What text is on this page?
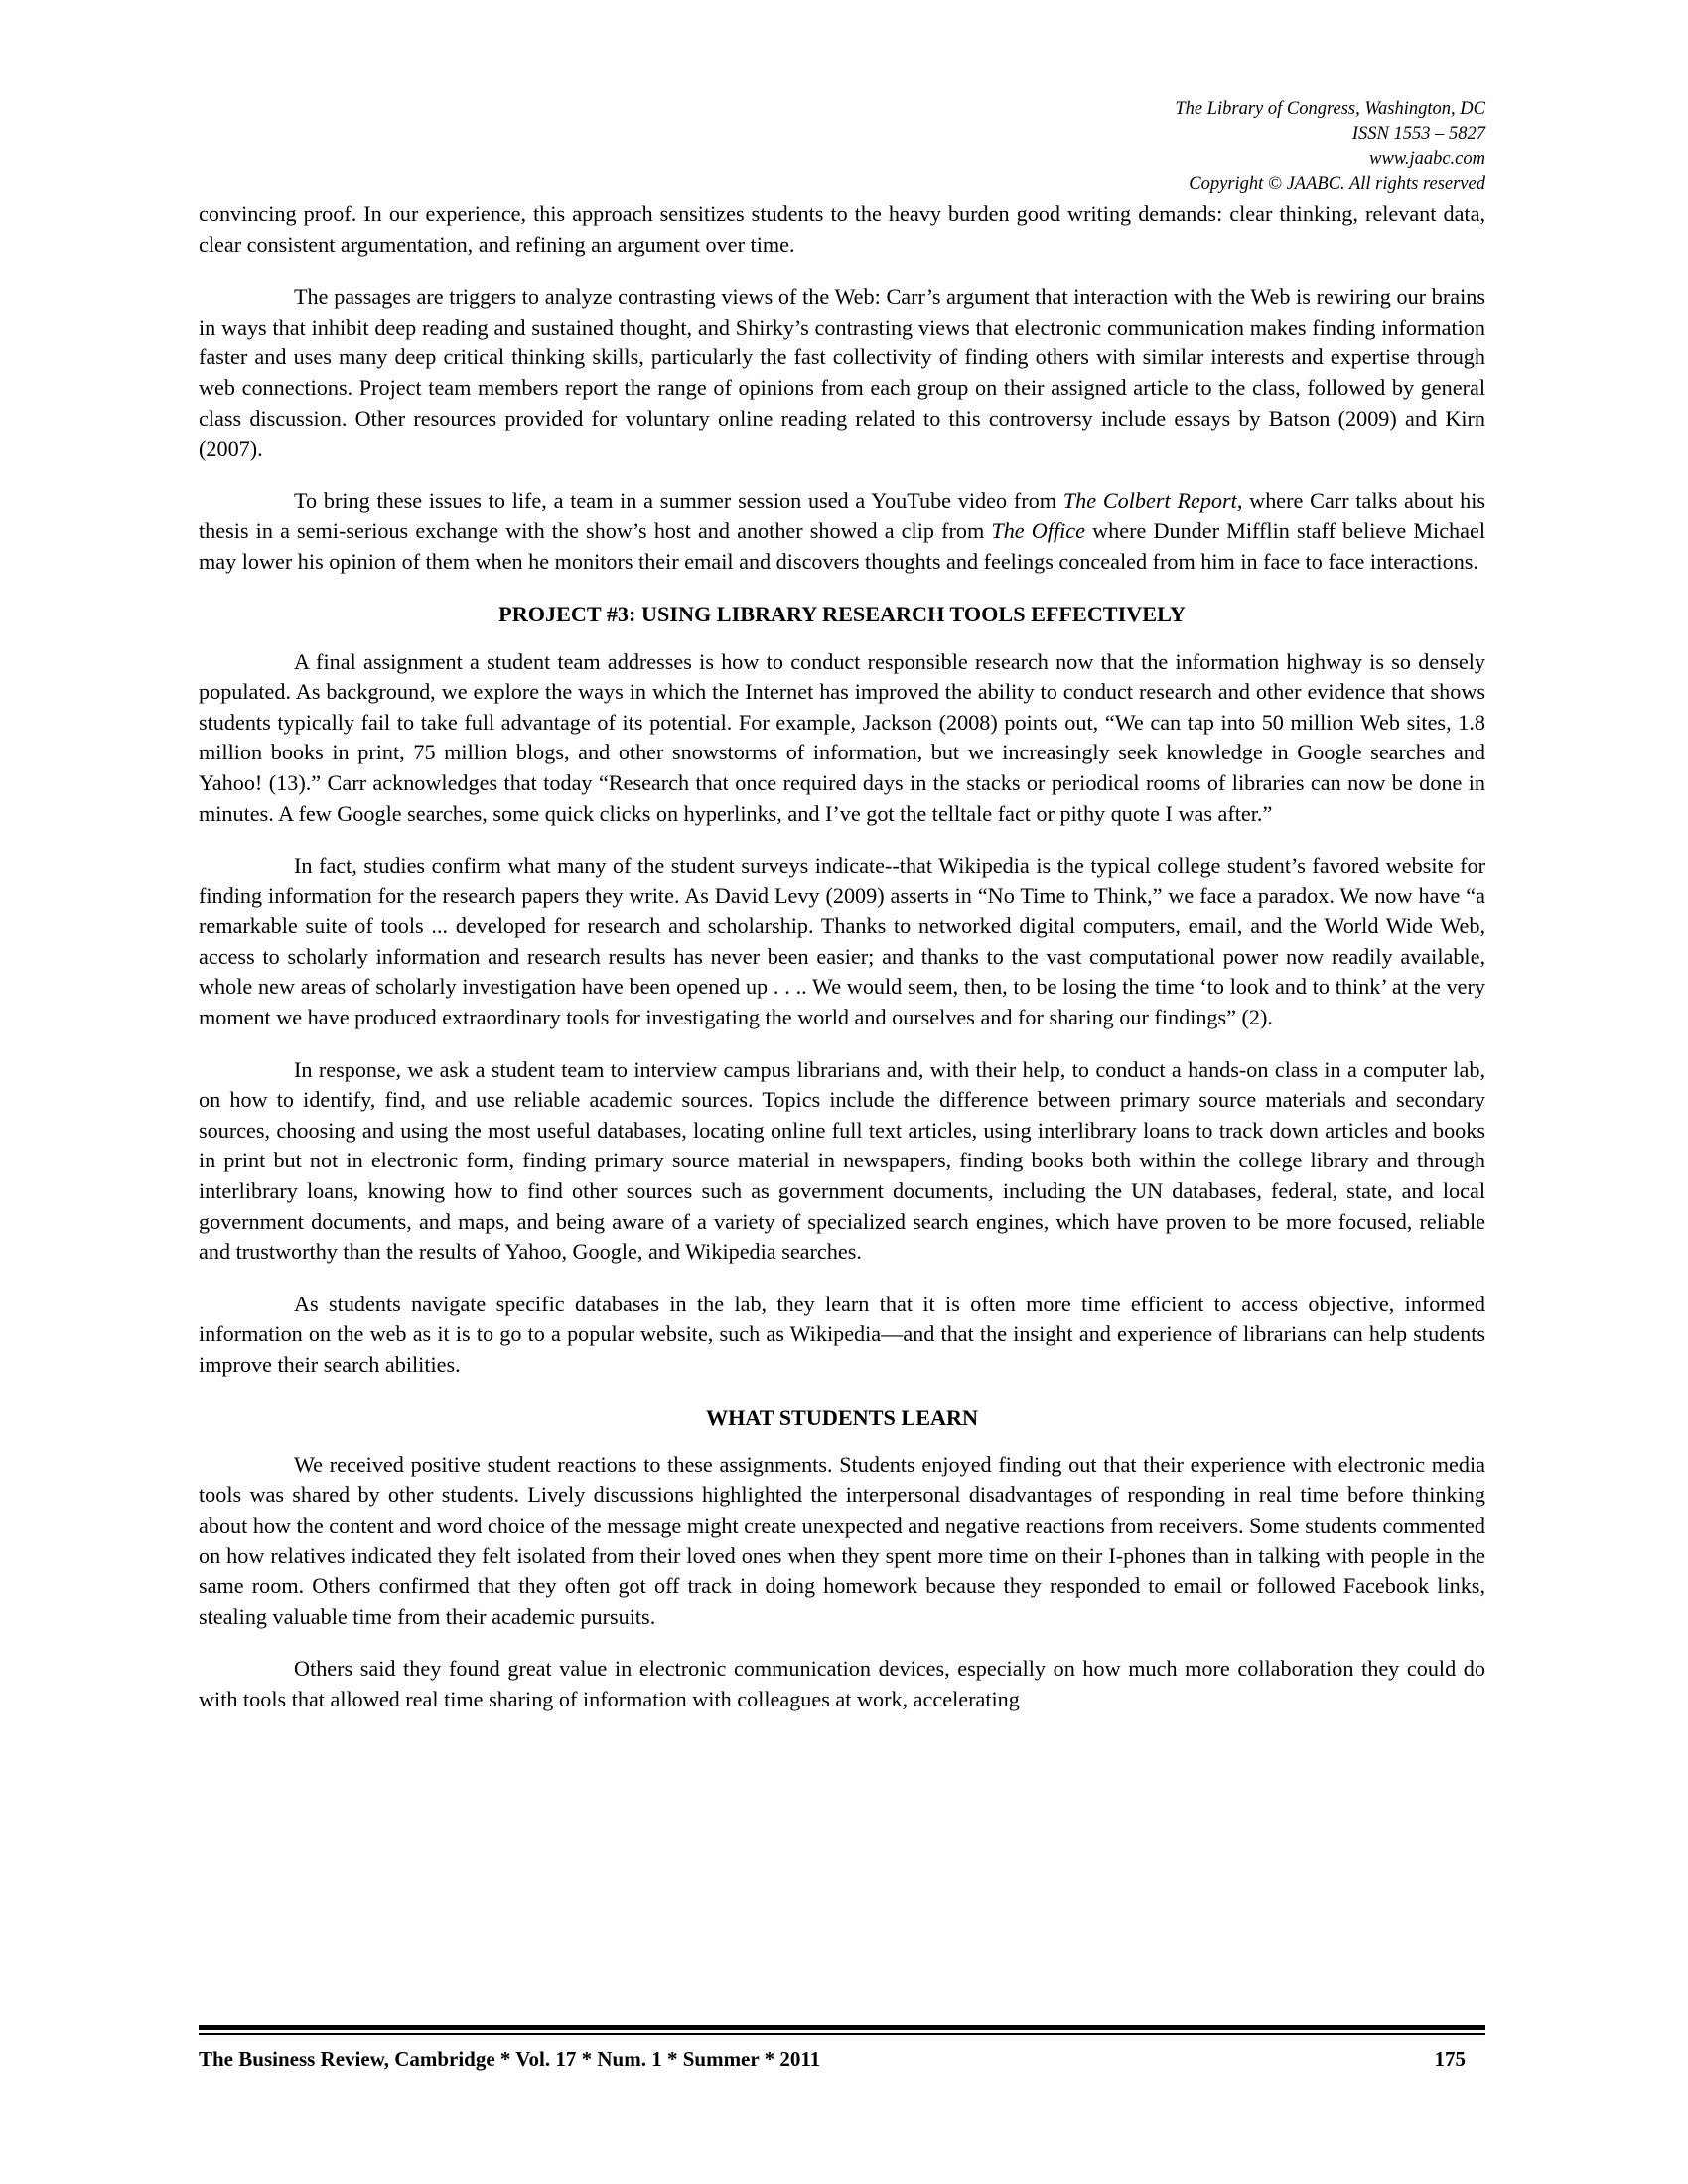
The Library of Congress, Washington, DC
ISSN 1553 – 5827
www.jaabc.com
Copyright © JAABC. All rights reserved

convincing proof. In our experience, this approach sensitizes students to the heavy burden good writing demands: clear thinking, relevant data, clear consistent argumentation, and refining an argument over time.

The passages are triggers to analyze contrasting views of the Web: Carr’s argument that interaction with the Web is rewiring our brains in ways that inhibit deep reading and sustained thought, and Shirky’s contrasting views that electronic communication makes finding information faster and uses many deep critical thinking skills, particularly the fast collectivity of finding others with similar interests and expertise through web connections. Project team members report the range of opinions from each group on their assigned article to the class, followed by general class discussion. Other resources provided for voluntary online reading related to this controversy include essays by Batson (2009) and Kirn (2007).

To bring these issues to life, a team in a summer session used a YouTube video from The Colbert Report, where Carr talks about his thesis in a semi-serious exchange with the show’s host and another showed a clip from The Office where Dunder Mifflin staff believe Michael may lower his opinion of them when he monitors their email and discovers thoughts and feelings concealed from him in face to face interactions.

PROJECT #3: USING LIBRARY RESEARCH TOOLS EFFECTIVELY

A final assignment a student team addresses is how to conduct responsible research now that the information highway is so densely populated. As background, we explore the ways in which the Internet has improved the ability to conduct research and other evidence that shows students typically fail to take full advantage of its potential. For example, Jackson (2008) points out, “We can tap into 50 million Web sites, 1.8 million books in print, 75 million blogs, and other snowstorms of information, but we increasingly seek knowledge in Google searches and Yahoo! (13).” Carr acknowledges that today “Research that once required days in the stacks or periodical rooms of libraries can now be done in minutes. A few Google searches, some quick clicks on hyperlinks, and I’ve got the telltale fact or pithy quote I was after.”

In fact, studies confirm what many of the student surveys indicate--that Wikipedia is the typical college student’s favored website for finding information for the research papers they write. As David Levy (2009) asserts in “No Time to Think,” we face a paradox. We now have “a remarkable suite of tools ... developed for research and scholarship. Thanks to networked digital computers, email, and the World Wide Web, access to scholarly information and research results has never been easier; and thanks to the vast computational power now readily available, whole new areas of scholarly investigation have been opened up . . .. We would seem, then, to be losing the time ‘to look and to think’ at the very moment we have produced extraordinary tools for investigating the world and ourselves and for sharing our findings” (2).

In response, we ask a student team to interview campus librarians and, with their help, to conduct a hands-on class in a computer lab, on how to identify, find, and use reliable academic sources. Topics include the difference between primary source materials and secondary sources, choosing and using the most useful databases, locating online full text articles, using interlibrary loans to track down articles and books in print but not in electronic form, finding primary source material in newspapers, finding books both within the college library and through interlibrary loans, knowing how to find other sources such as government documents, including the UN databases, federal, state, and local government documents, and maps, and being aware of a variety of specialized search engines, which have proven to be more focused, reliable and trustworthy than the results of Yahoo, Google, and Wikipedia searches.

As students navigate specific databases in the lab, they learn that it is often more time efficient to access objective, informed information on the web as it is to go to a popular website, such as Wikipedia—and that the insight and experience of librarians can help students improve their search abilities.

WHAT STUDENTS LEARN

We received positive student reactions to these assignments. Students enjoyed finding out that their experience with electronic media tools was shared by other students. Lively discussions highlighted the interpersonal disadvantages of responding in real time before thinking about how the content and word choice of the message might create unexpected and negative reactions from receivers. Some students commented on how relatives indicated they felt isolated from their loved ones when they spent more time on their I-phones than in talking with people in the same room. Others confirmed that they often got off track in doing homework because they responded to email or followed Facebook links, stealing valuable time from their academic pursuits.

Others said they found great value in electronic communication devices, especially on how much more collaboration they could do with tools that allowed real time sharing of information with colleagues at work, accelerating

The Business Review, Cambridge * Vol. 17 * Num. 1 * Summer * 2011	175
